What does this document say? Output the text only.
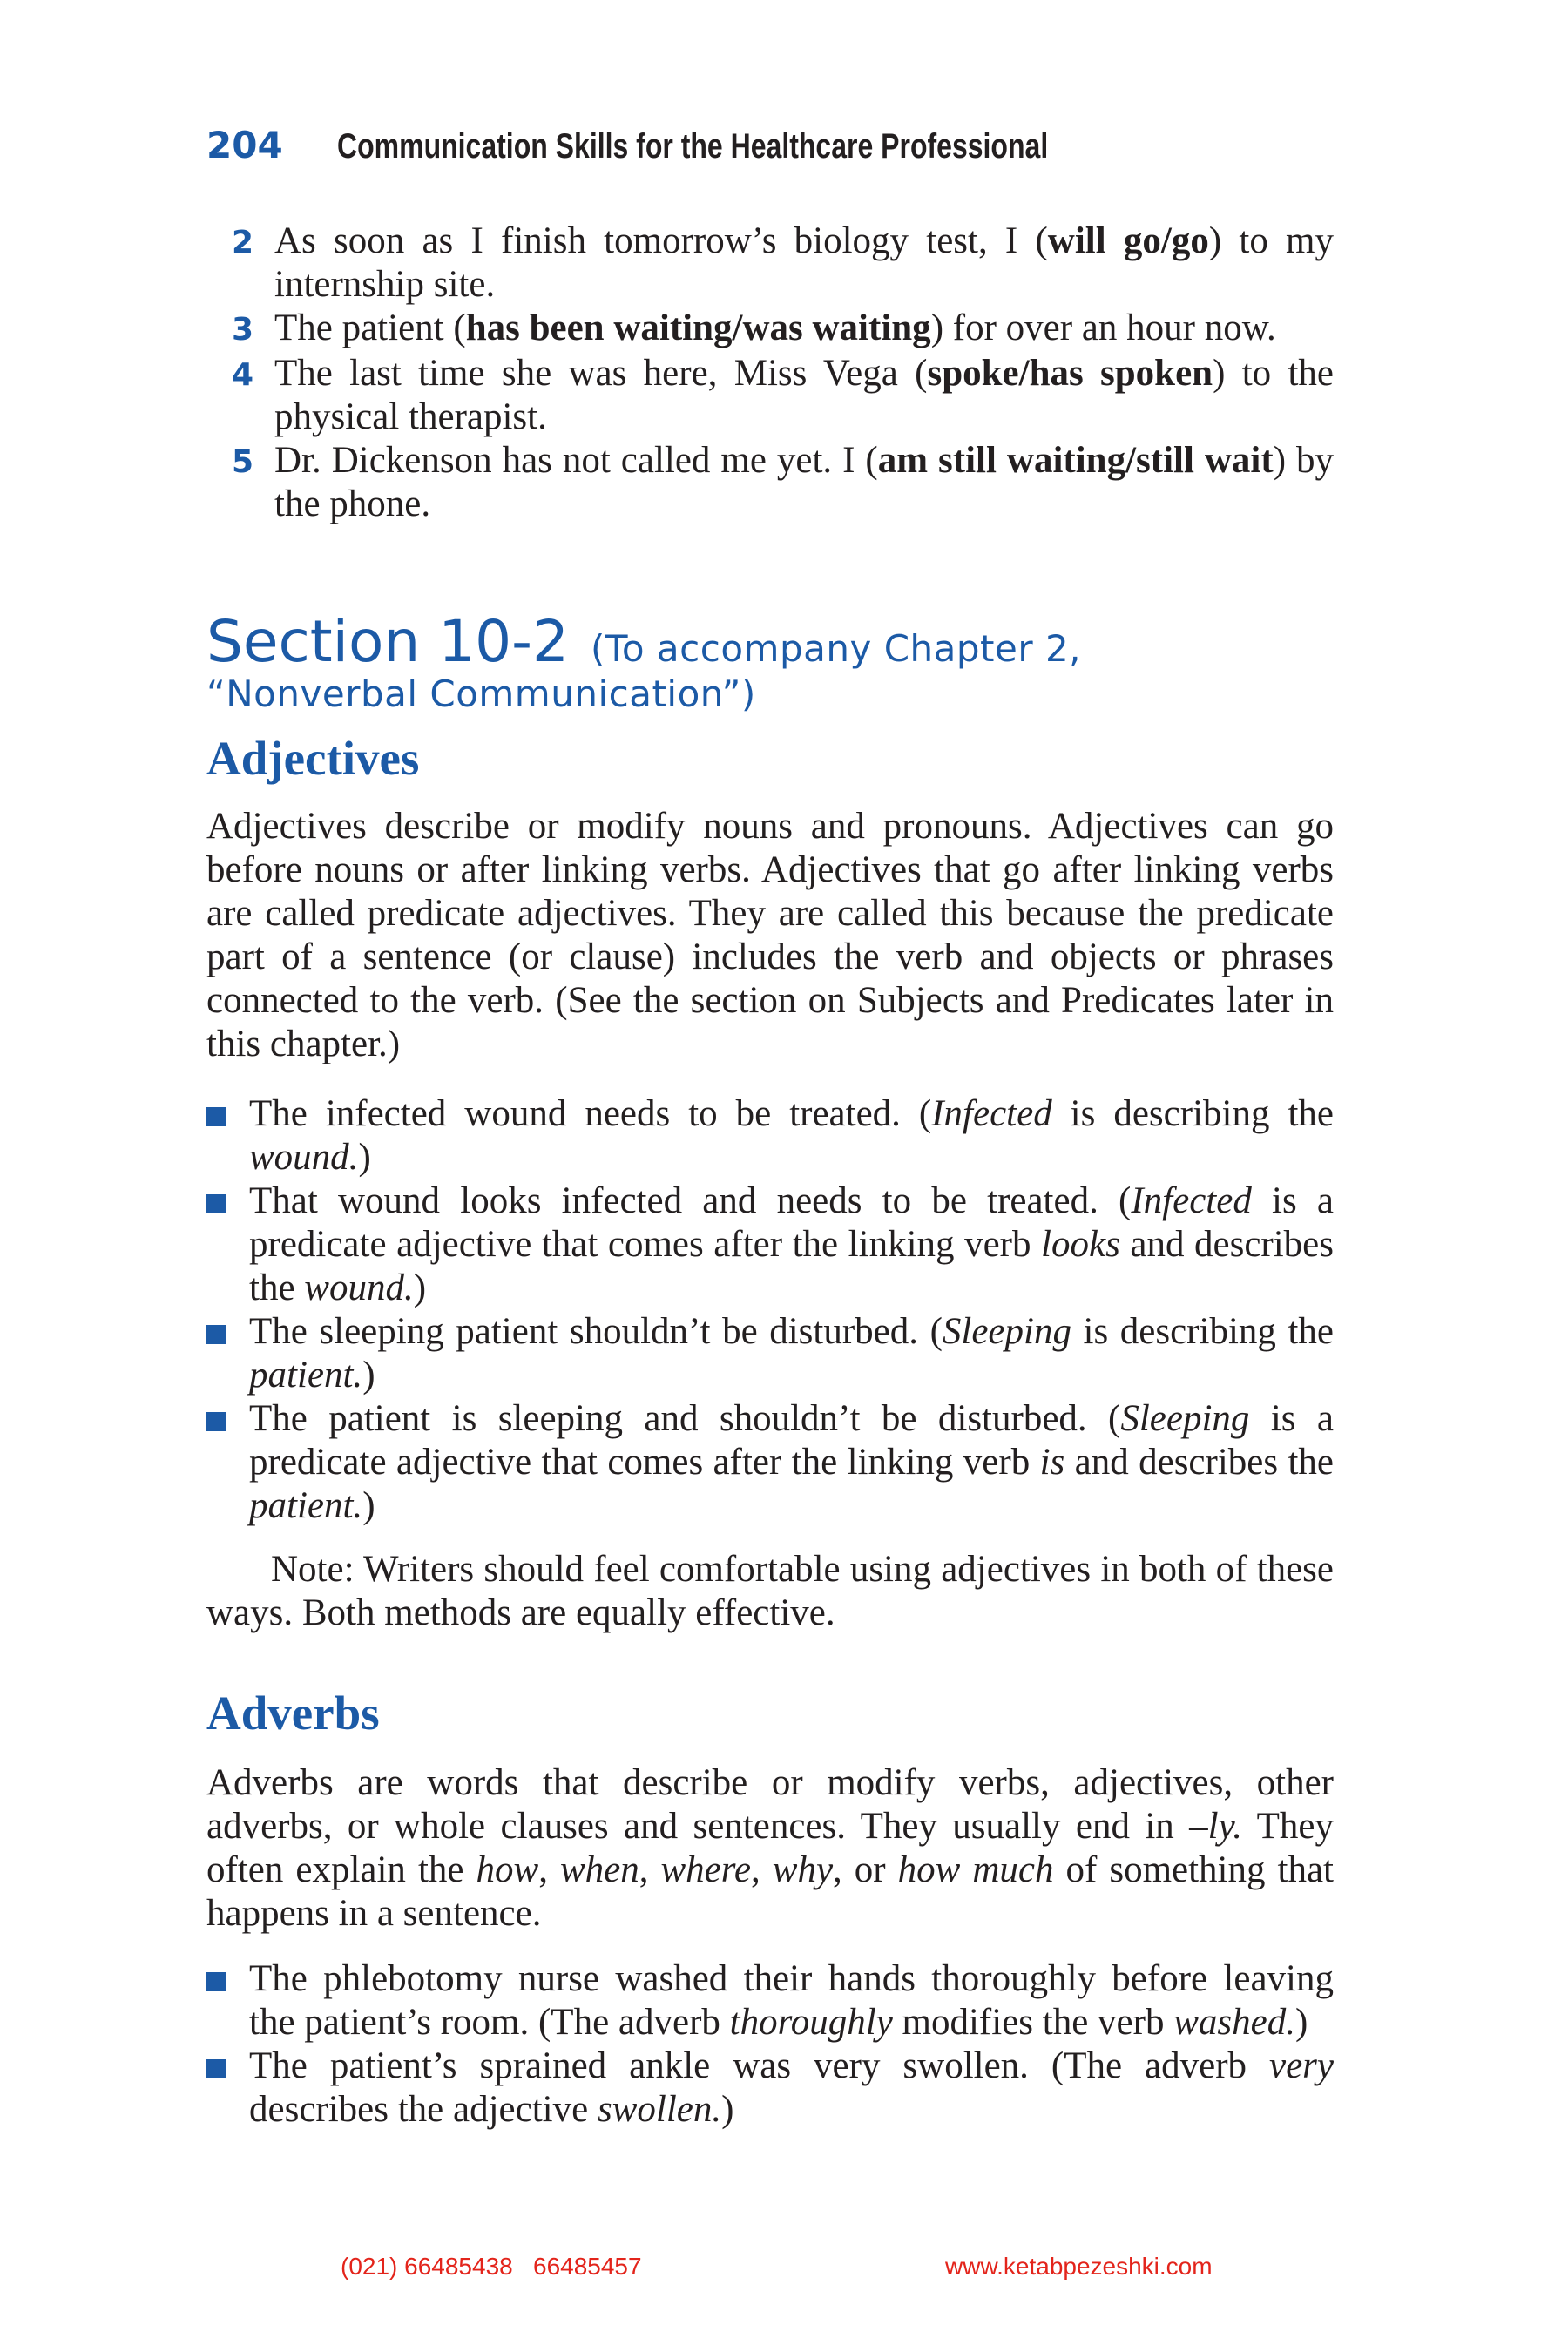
204 Communication Skills for the Healthcare Professional
2 As soon as I finish tomorrow’s biology test, I (will go/go) to my internship site.
3 The patient (has been waiting/was waiting) for over an hour now.
4 The last time she was here, Miss Vega (spoke/has spoken) to the physical therapist.
5 Dr. Dickenson has not called me yet. I (am still waiting/still wait) by the phone.
Section 10-2 (To accompany Chapter 2,
“Nonverbal Communication”)
Adjectives

Adjectives describe or modify nouns and pronouns. Adjectives can go before nouns or after linking verbs. Adjectives that go after linking verbs are called predicate adjectives. They are called this because the predicate part of a sentence (or clause) includes the verb and objects or phrases connected to the verb. (See the section on Subjects and Predicates later in this chapter.)

The infected wound needs to be treated. (Infected is describing the wound.)
That wound looks infected and needs to be treated. (Infected is a predicate adjective that comes after the linking verb looks and describes the wound.)
The sleeping patient shouldn’t be disturbed. (Sleeping is describing the patient.)
The patient is sleeping and shouldn’t be disturbed. (Sleeping is a predicate adjective that comes after the linking verb is and describes the patient.)

Note: Writers should feel comfortable using adjectives in both of these ways. Both methods are equally effective.

Adverbs

Adverbs are words that describe or modify verbs, adjectives, other adverbs, or whole clauses and sentences. They usually end in –ly. They often explain the how, when, where, why, or how much of something that happens in a sentence.

The phlebotomy nurse washed their hands thoroughly before leaving the patient’s room. (The adverb thoroughly modifies the verb washed.)
The patient’s sprained ankle was very swollen. (The adverb very describes the adjective swollen.)
(021) 66485438 66485457	www.ketabpezeshki.com
